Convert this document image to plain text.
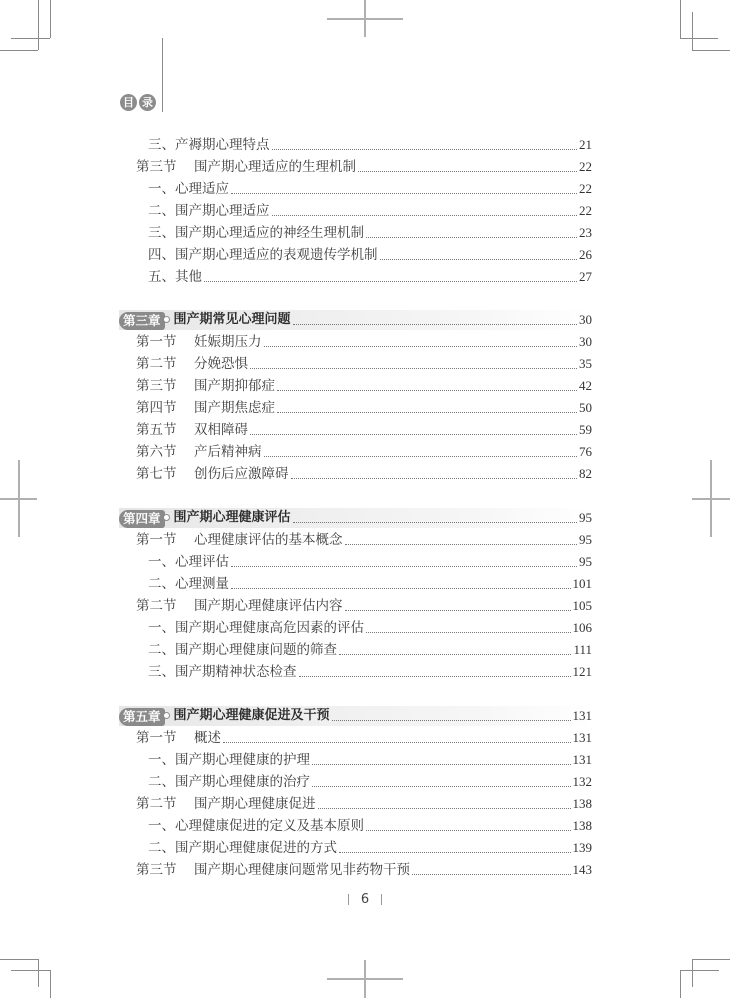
目 录
三、产褥期心理特点	21
第三节 围产期心理适应的生理机制	22
一、心理适应	22
二、围产期心理适应	22
三、围产期心理适应的神经生理机制	23
四、围产期心理适应的表观遗传学机制	26
五、其他	27
第三章	围产期常见心理问题	30
第一节 妊娠期压力	30
第二节 分娩恐惧	35
第三节 围产期抑郁症	42
第四节 围产期焦虑症	50
第五节 双相障碍	59
第六节 产后精神病	76
第七节 创伤后应激障碍	82
第四章	围产期心理健康评估	95
第一节 心理健康评估的基本概念	95
一、心理评估	95
二、心理测量	101
第二节 围产期心理健康评估内容	105
一、围产期心理健康高危因素的评估	106
二、围产期心理健康问题的筛查	111
三、围产期精神状态检查	121
第五章	围产期心理健康促进及干预	131
第一节 概述	131
一、围产期心理健康的护理	131
二、围产期心理健康的治疗	132
第二节 围产期心理健康促进	138
一、心理健康促进的定义及基本原则	138
二、围产期心理健康促进的方式	139
第三节 围产期心理健康问题常见非药物干预	143
6
